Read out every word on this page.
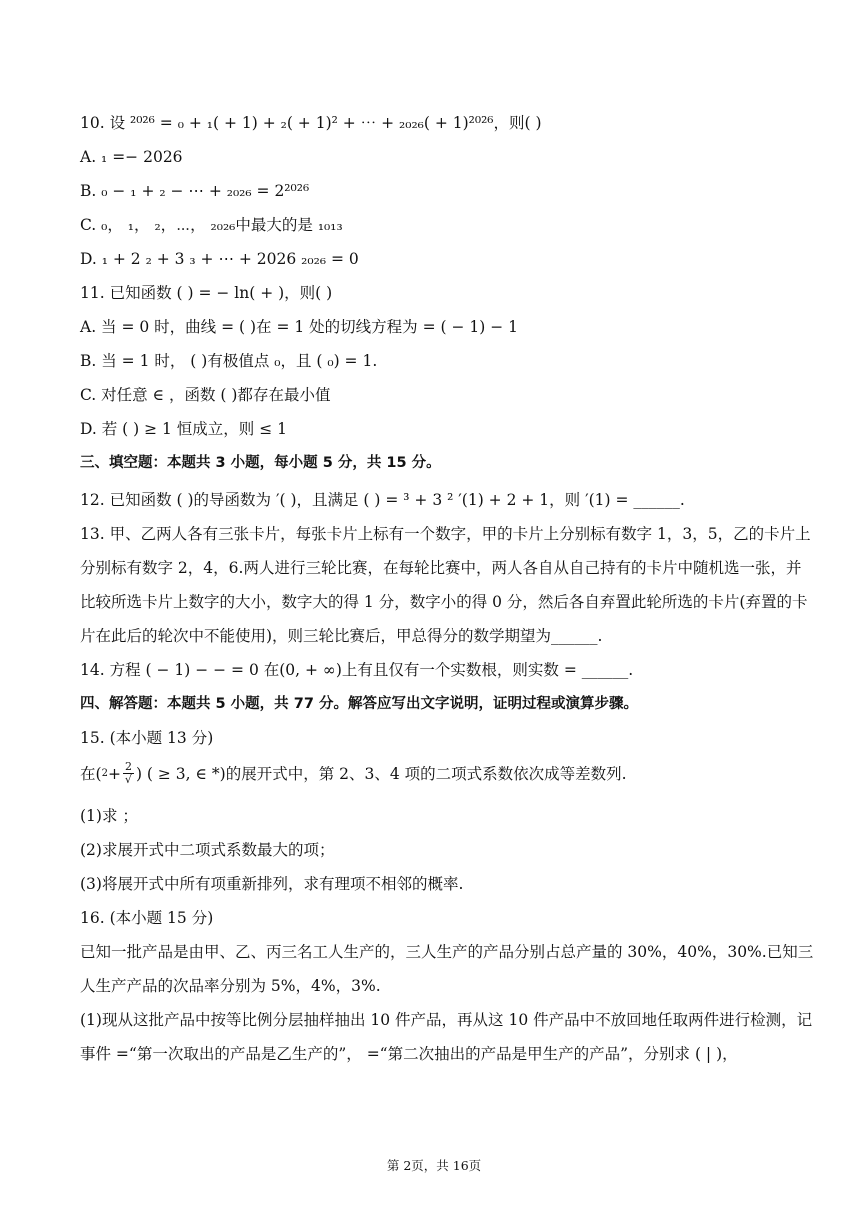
10. 设 ²⁰²⁶ = ₀ + ₁( + 1) + ₂( + 1)² + ⋯ + ₂₀₂₆( + 1)²⁰²⁶，则( )
A. ₁ =− 2026
B. ₀ − ₁ + ₂ − ⋯ + ₂₀₂₆ = 2²⁰²⁶
C. ₀， ₁， ₂，⋯， ₂₀₂₆中最大的是 ₁₀₁₃
D. ₁ + 2 ₂ + 3 ₃ + ⋯ + 2026 ₂₀₂₆ = 0
11. 已知函数 ( ) = − ln( + )，则( )
A. 当 = 0 时，曲线 = ( )在 = 1 处的切线方程为 = ( − 1) − 1
B. 当 = 1 时， ( )有极值点 ₀，且 ( ₀) = 1.
C. 对任意 ∈ ，函数 ( )都存在最小值
D. 若 ( ) ≥ 1 恒成立，则 ≤ 1
三、填空题：本题共 3 小题，每小题 5 分，共 15 分。
12. 已知函数 ( )的导函数为 ′( )，且满足 ( ) = ³ + 3 ² ′(1) + 2 + 1，则 ′(1) = ______.
13. 甲、乙两人各有三张卡片，每张卡片上标有一个数字，甲的卡片上分别标有数字 1，3，5，乙的卡片上
分别标有数字 2，4，6.两人进行三轮比赛，在每轮比赛中，两人各自从自己持有的卡片中随机选一张，并
比较所选卡片上数字的大小，数字大的得 1 分，数字小的得 0 分，然后各自弃置此轮所选的卡片(弃置的卡
片在此后的轮次中不能使用)，则三轮比赛后，甲总得分的数学期望为______.
14. 方程 ( − 1) − − = 0 在(0, + ∞)上有且仅有一个实数根，则实数 = ______.
四、解答题：本题共 5 小题，共 77 分。解答应写出文字说明，证明过程或演算步骤。
15. (本小题 13 分)
在( $2 + \frac{2}{√}$ ) ( ≥ 3, ∈ *)的展开式中，第 2、3、4 项的二项式系数依次成等差数列.
(1)求 ；
(2)求展开式中二项式系数最大的项；
(3)将展开式中所有项重新排列，求有理项不相邻的概率.
16. (本小题 15 分)
已知一批产品是由甲、乙、丙三名工人生产的，三人生产的产品分别占总产量的 30%，40%，30%.已知三
人生产产品的次品率分别为 5%，4%，3%.
(1)现从这批产品中按等比例分层抽样抽出 10 件产品，再从这 10 件产品中不放回地任取两件进行检测，记
事件 =“第一次取出的产品是乙生产的”， =“第二次抽出的产品是甲生产的产品”，分别求 ( | )，
第 2页，共 16页
